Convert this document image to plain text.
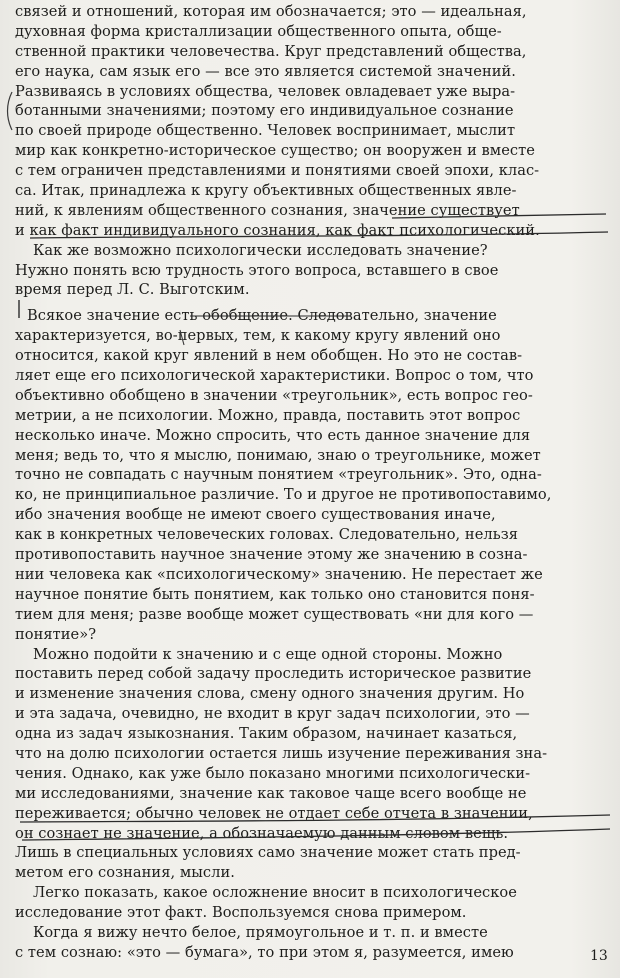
связей и отношений, которая им обозначается; это — идеальная,
духовная форма кристаллизации общественного опыта, обще-
ственной практики человечества. Круг представлений общества,
его наука, сам язык его — все это является системой значений.
Развиваясь в условиях общества, человек овладевает уже выра-
ботанными значениями; поэтому его индивидуальное сознание
по своей природе общественно. Человек воспринимает, мыслит
мир как конкретно-историческое существо; он вооружен и вместе
с тем ограничен представлениями и понятиями своей эпохи, клас-
са. Итак, принадлежа к кругу объективных общественных явле-
ний, к явлениям общественного сознания, значение существует
и как факт индивидуального сознания, как факт психологический.
Как же возможно психологически исследовать значение?
Нужно понять всю трудность этого вопроса, вставшего в свое
время перед Л. С. Выготским.
Всякое значение есть обобщение. Следовательно, значение
характеризуется, во-первых, тем, к какому кругу явлений оно
относится, какой круг явлений в нем обобщен. Но это не состав-
ляет еще его психологической характеристики. Вопрос о том, что
объективно обобщено в значении «треугольник», есть вопрос гео-
метрии, а не психологии. Можно, правда, поставить этот вопрос
несколько иначе. Можно спросить, что есть данное значение для
меня; ведь то, что я мыслю, понимаю, знаю о треугольнике, может
точно не совпадать с научным понятием «треугольник». Это, одна-
ко, не принципиальное различие. То и другое не противопоставимо,
ибо значения вообще не имеют своего существования иначе,
как в конкретных человеческих головах. Следовательно, нельзя
противопоставить научное значение этому же значению в созна-
нии человека как «психологическому» значению. Не перестает же
научное понятие быть понятием, как только оно становится поня-
тием для меня; разве вообще может существовать «ни для кого —
понятие»?
Можно подойти к значению и с еще одной стороны. Можно
поставить перед собой задачу проследить историческое развитие
и изменение значения слова, смену одного значения другим. Но
и эта задача, очевидно, не входит в круг задач психологии, это —
одна из задач языкознания. Таким образом, начинает казаться,
что на долю психологии остается лишь изучение переживания зна-
чения. Однако, как уже было показано многими психологически-
ми исследованиями, значение как таковое чаще всего вообще не
переживается; обычно человек не отдает себе отчета в значении,
он сознает не значение, а обозначаемую данным словом вещь.
Лишь в специальных условиях само значение может стать пред-
метом его сознания, мысли.
Легко показать, какое осложнение вносит в психологическое
исследование этот факт. Воспользуемся снова примером.
Когда я вижу нечто белое, прямоугольное и т. п. и вместе
с тем сознаю: «это — бумага», то при этом я, разумеется, имею	13
